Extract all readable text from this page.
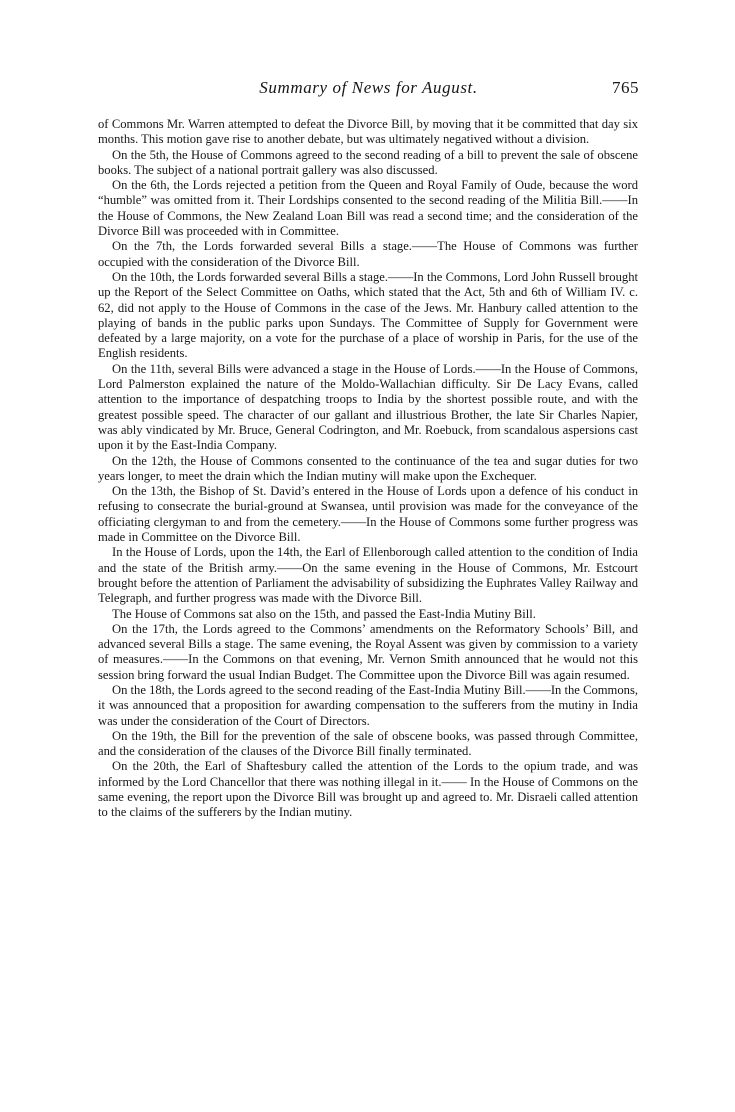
Summary of News for August.	765

of Commons Mr. Warren attempted to defeat the Divorce Bill, by moving that it be committed that day six months. This motion gave rise to another debate, but was ultimately negatived without a division.

On the 5th, the House of Commons agreed to the second reading of a bill to prevent the sale of obscene books. The subject of a national portrait gallery was also discussed.

On the 6th, the Lords rejected a petition from the Queen and Royal Family of Oude, because the word “humble” was omitted from it. Their Lordships consented to the second reading of the Militia Bill.——In the House of Commons, the New Zealand Loan Bill was read a second time; and the consideration of the Divorce Bill was proceeded with in Committee.

On the 7th, the Lords forwarded several Bills a stage.——The House of Commons was further occupied with the consideration of the Divorce Bill.

On the 10th, the Lords forwarded several Bills a stage.——In the Commons, Lord John Russell brought up the Report of the Select Committee on Oaths, which stated that the Act, 5th and 6th of William IV. c. 62, did not apply to the House of Commons in the case of the Jews. Mr. Hanbury called attention to the playing of bands in the public parks upon Sundays. The Committee of Supply for Government were defeated by a large majority, on a vote for the purchase of a place of worship in Paris, for the use of the English residents.

On the 11th, several Bills were advanced a stage in the House of Lords.——In the House of Commons, Lord Palmerston explained the nature of the Moldo-Wallachian difficulty. Sir De Lacy Evans, called attention to the importance of despatching troops to India by the shortest possible route, and with the greatest possible speed. The character of our gallant and illustrious Brother, the late Sir Charles Napier, was ably vindicated by Mr. Bruce, General Codrington, and Mr. Roebuck, from scandalous aspersions cast upon it by the East-India Company.

On the 12th, the House of Commons consented to the continuance of the tea and sugar duties for two years longer, to meet the drain which the Indian mutiny will make upon the Exchequer.

On the 13th, the Bishop of St. David’s entered in the House of Lords upon a defence of his conduct in refusing to consecrate the burial-ground at Swansea, until provision was made for the conveyance of the officiating clergyman to and from the cemetery.——In the House of Commons some further progress was made in Committee on the Divorce Bill.

In the House of Lords, upon the 14th, the Earl of Ellenborough called attention to the condition of India and the state of the British army.——On the same evening in the House of Commons, Mr. Estcourt brought before the attention of Parliament the advisability of subsidizing the Euphrates Valley Railway and Telegraph, and further progress was made with the Divorce Bill.

The House of Commons sat also on the 15th, and passed the East-India Mutiny Bill.

On the 17th, the Lords agreed to the Commons’ amendments on the Reformatory Schools’ Bill, and advanced several Bills a stage. The same evening, the Royal Assent was given by commission to a variety of measures.——In the Commons on that evening, Mr. Vernon Smith announced that he would not this session bring forward the usual Indian Budget. The Committee upon the Divorce Bill was again resumed.

On the 18th, the Lords agreed to the second reading of the East-India Mutiny Bill.——In the Commons, it was announced that a proposition for awarding compensation to the sufferers from the mutiny in India was under the consideration of the Court of Directors.

On the 19th, the Bill for the prevention of the sale of obscene books, was passed through Committee, and the consideration of the clauses of the Divorce Bill finally terminated.

On the 20th, the Earl of Shaftesbury called the attention of the Lords to the opium trade, and was informed by the Lord Chancellor that there was nothing illegal in it.—— In the House of Commons on the same evening, the report upon the Divorce Bill was brought up and agreed to. Mr. Disraeli called attention to the claims of the sufferers by the Indian mutiny.
